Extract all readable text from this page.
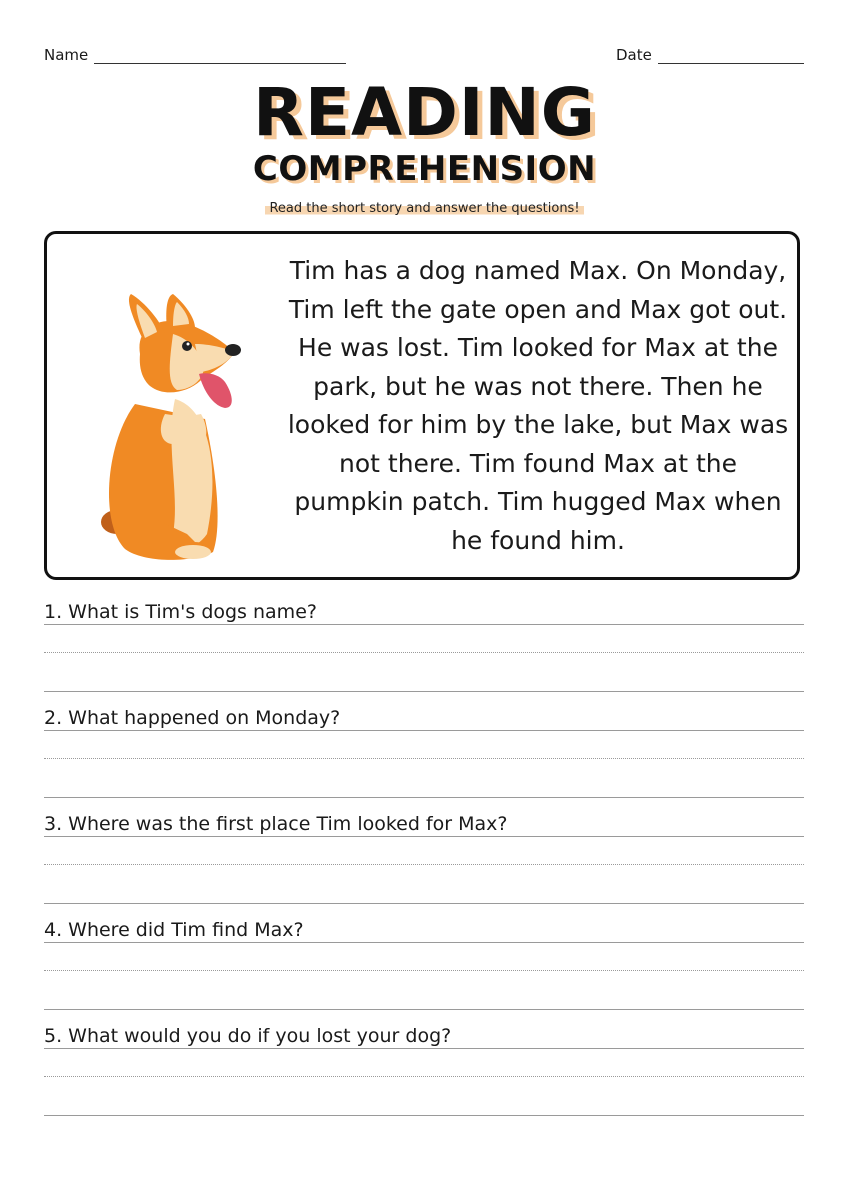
Name	Date
READING
COMPREHENSION
Read the short story and answer the questions!
Tim has a dog named Max. On Monday, Tim left the gate open and Max got out. He was lost. Tim looked for Max at the park, but he was not there. Then he looked for him by the lake, but Max was not there. Tim found Max at the pumpkin patch. Tim hugged Max when he found him.
1. What is Tim's dogs name?
2. What happened on Monday?
3. Where was the first place Tim looked for Max?
4. Where did Tim find Max?
5. What would you do if you lost your dog?
